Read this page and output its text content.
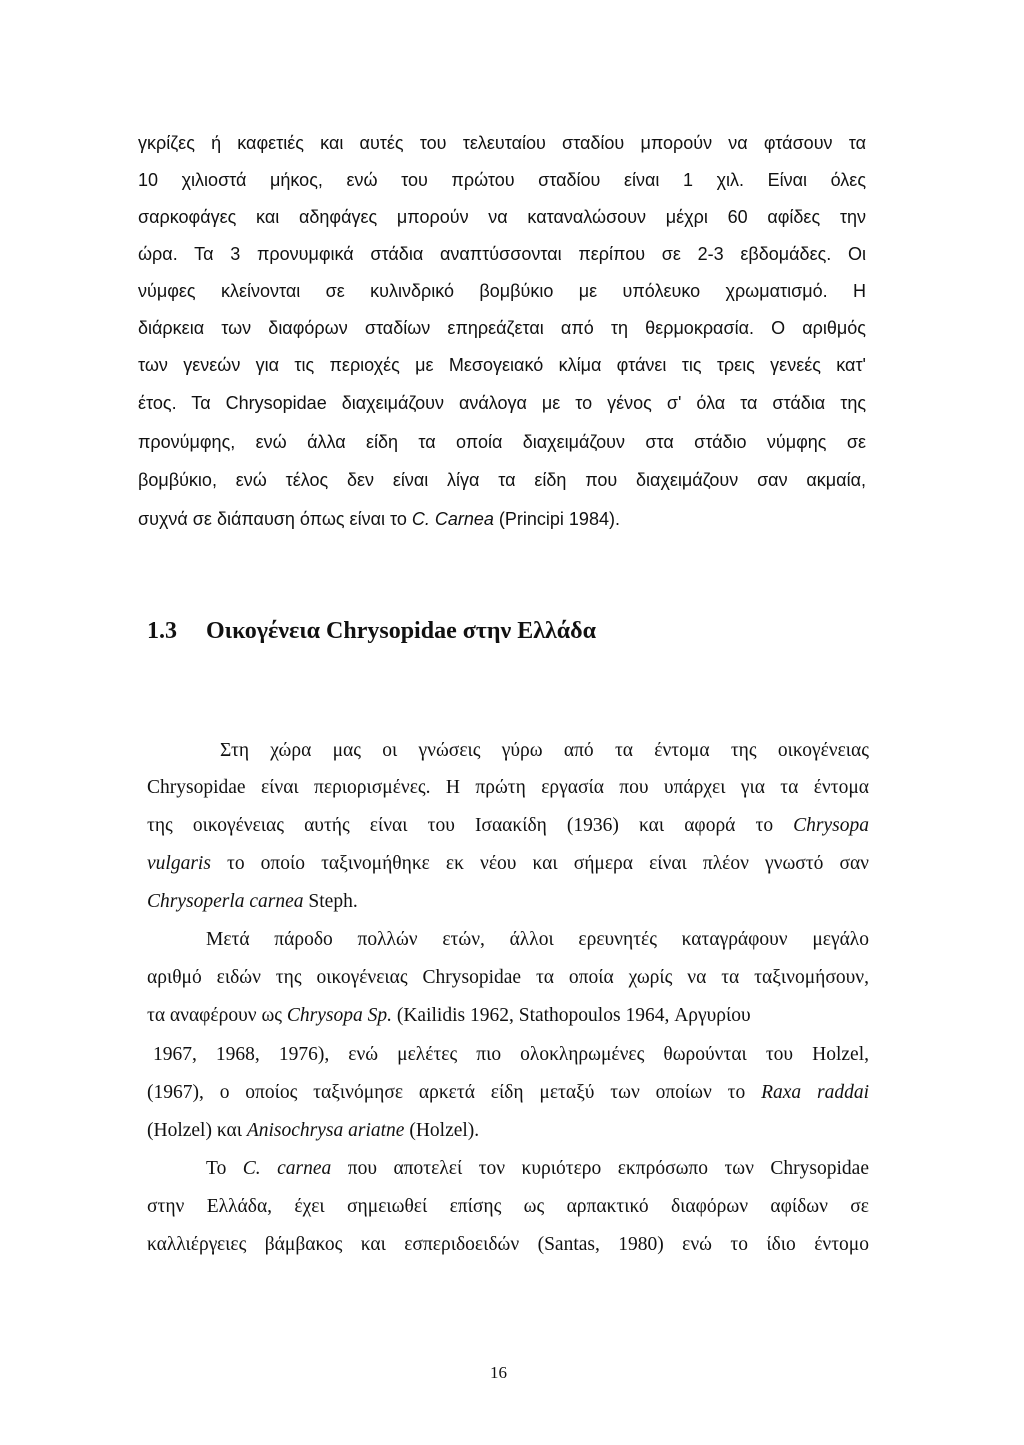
γκρίζες ή καφετιές και αυτές του τελευταίου σταδίου μπορούν να φτάσουν τα

10 χιλιοστά μήκος, ενώ του πρώτου σταδίου είναι 1 χιλ. Είναι όλες

σαρκοφάγες και αδηφάγες μπορούν να καταναλώσουν μέχρι 60 αφίδες την

ώρα. Τα 3 προνυμφικά στάδια αναπτύσσονται περίπου σε 2-3 εβδομάδες. Οι

νύμφες κλείνονται σε κυλινδρικό βομβύκιο με υπόλευκο χρωματισμό. Η

διάρκεια των διαφόρων σταδίων επηρεάζεται από τη θερμοκρασία. Ο αριθμός

των γενεών για τις περιοχές με Μεσογειακό κλίμα φτάνει τις τρεις γενεές κατ'

έτος. Τα Chrysopidae διαχειμάζουν ανάλογα με το γένος σ' όλα τα στάδια της

προνύμφης, ενώ άλλα είδη τα οποία διαχειμάζουν στα στάδιο νύμφης σε

βομβύκιο, ενώ τέλος δεν είναι λίγα τα είδη που διαχειμάζουν σαν ακμαία,

συχνά σε διάπαυση όπως είναι το C. Carnea (Principi 1984).

1.3 Οικογένεια Chrysopidae στην Ελλάδα

Στη χώρα μας οι γνώσεις γύρω από τα έντομα της οικογένειας

Chrysopidae είναι περιορισμένες. Η πρώτη εργασία που υπάρχει για τα έντομα

της οικογένειας αυτής είναι του Ισαακίδη (1936) και αφορά το Chrysopa

vulgaris το οποίο ταξινομήθηκε εκ νέου και σήμερα είναι πλέον γνωστό σαν

Chrysoperla carnea Steph.

Μετά πάροδο πολλών ετών, άλλοι ερευνητές καταγράφουν μεγάλο

αριθμό ειδών της οικογένειας Chrysopidae τα οποία χωρίς να τα ταξινομήσουν,

τα αναφέρουν ως Chrysopa Sp. (Kailidis 1962, Stathopoulos 1964, Αργυρίου

1967, 1968, 1976), ενώ μελέτες πιο ολοκληρωμένες θωρούνται του Holzel,

(1967), ο οποίος ταξινόμησε αρκετά είδη μεταξύ των οποίων το Raxa raddai

(Holzel) και Anisochrysa ariatne (Holzel).

Το C. carnea που αποτελεί τον κυριότερο εκπρόσωπο των Chrysopidae

στην Ελλάδα, έχει σημειωθεί επίσης ως αρπακτικό διαφόρων αφίδων σε

καλλιέργειες βάμβακος και εσπεριδοειδών (Santas, 1980) ενώ το ίδιο έντομο

16
